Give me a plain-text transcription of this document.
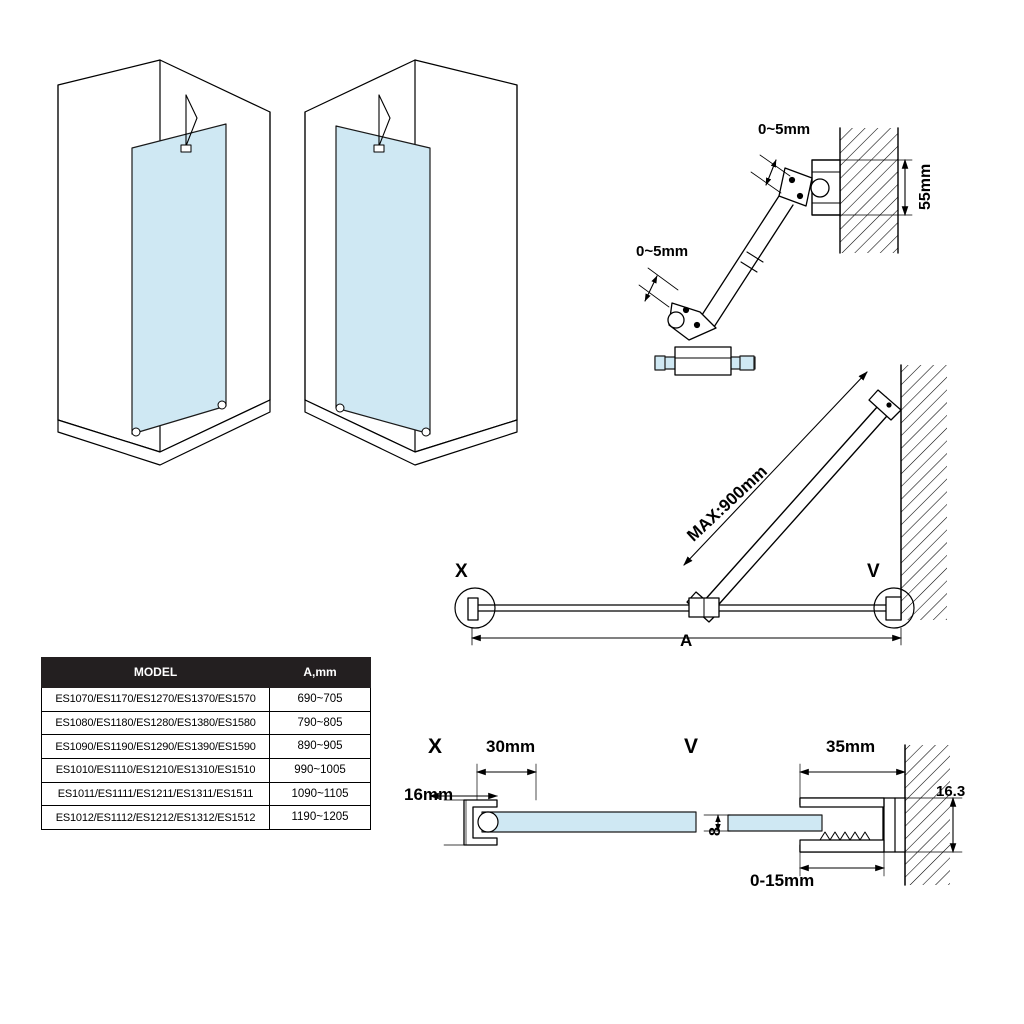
0~5mm
0~5mm
55mm
MAX:900mm
A
X	V
X	30mm
16mm
V	35mm
16.3
8
0-15mm
MODEL	A,mm
ES1070/ES1170/ES1270/ES1370/ES1570	690~705
ES1080/ES1180/ES1280/ES1380/ES1580	790~805
ES1090/ES1190/ES1290/ES1390/ES1590	890~905
ES1010/ES1110/ES1210/ES1310/ES1510	990~1005
ES1011/ES1111/ES1211/ES1311/ES1511	1090~1105
ES1012/ES1112/ES1212/ES1312/ES1512	1190~1205
